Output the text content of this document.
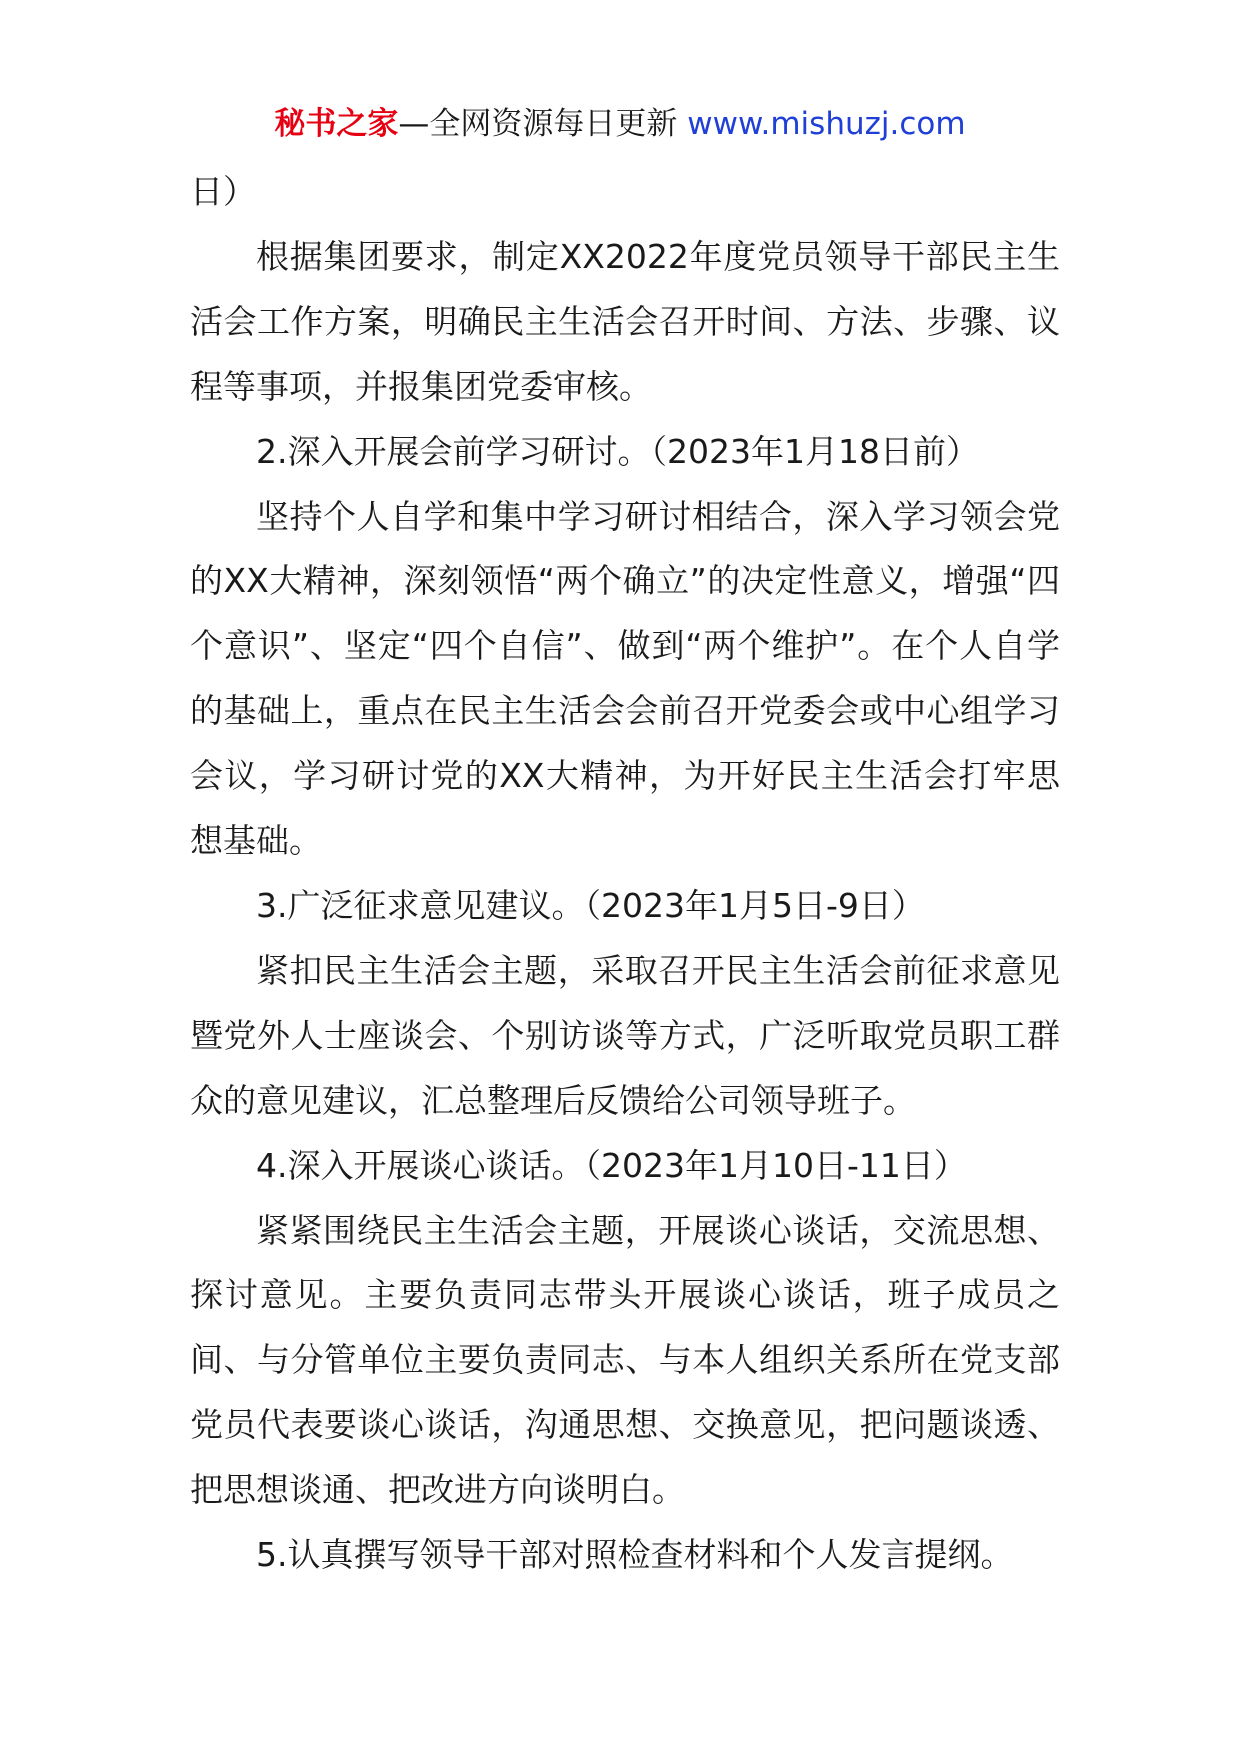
秘书之家—全网资源每日更新 www.mishuzj.com

日）

根据集团要求，制定XX2022年度党员领导干部民主生活会工作方案，明确民主生活会召开时间、方法、步骤、议程等事项，并报集团党委审核。

2.深入开展会前学习研讨。（2023年1月18日前）

坚持个人自学和集中学习研讨相结合，深入学习领会党的XX大精神，深刻领悟“两个确立”的决定性意义，增强“四个意识”、坚定“四个自信”、做到“两个维护”。在个人自学的基础上，重点在民主生活会会前召开党委会或中心组学习会议，学习研讨党的XX大精神，为开好民主生活会打牢思想基础。

3.广泛征求意见建议。（2023年1月5日-9日）

紧扣民主生活会主题，采取召开民主生活会前征求意见暨党外人士座谈会、个别访谈等方式，广泛听取党员职工群众的意见建议，汇总整理后反馈给公司领导班子。

4.深入开展谈心谈话。（2023年1月10日-11日）

紧紧围绕民主生活会主题，开展谈心谈话，交流思想、探讨意见。主要负责同志带头开展谈心谈话，班子成员之间、与分管单位主要负责同志、与本人组织关系所在党支部党员代表要谈心谈话，沟通思想、交换意见，把问题谈透、把思想谈通、把改进方向谈明白。

5.认真撰写领导干部对照检查材料和个人发言提纲。
